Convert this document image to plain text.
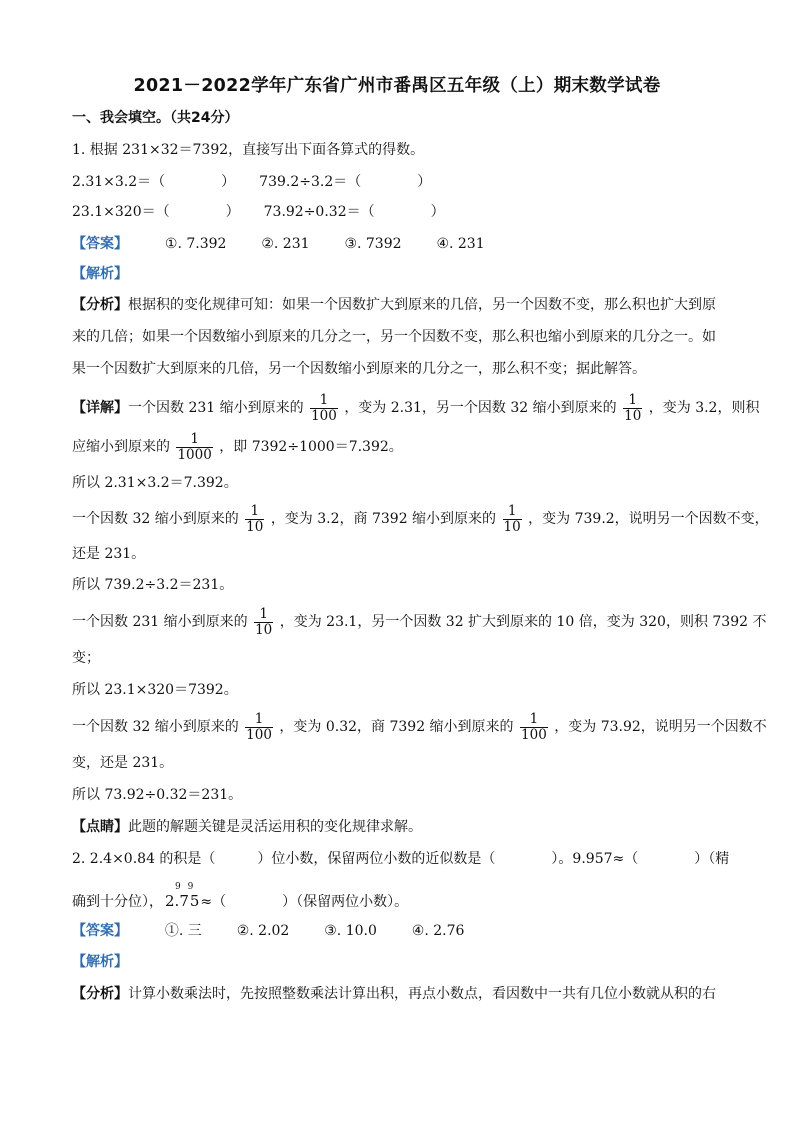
2021－2022学年广东省广州市番禺区五年级（上）期末数学试卷
一、我会填空。（共24分）
1. 根据 231×32＝7392，直接写出下面各算式的得数。
2.31×3.2＝（　　　　） 739.2÷3.2＝（　　　　）
23.1×320＝（　　　　） 73.92÷0.32＝（　　　　）
【答案】	①. 7.392 ②. 231 ③. 7392 ④. 231
【解析】
【分析】根据积的变化规律可知：如果一个因数扩大到原来的几倍，另一个因数不变，那么积也扩大到原
来的几倍；如果一个因数缩小到原来的几分之一，另一个因数不变，那么积也缩小到原来的几分之一。如
果一个因数扩大到原来的几倍，另一个因数缩小到原来的几分之一，那么积不变；据此解答。
【详解】一个因数 231 缩小到原来的 $\frac{1}{100}$ ，变为 2.31，另一个因数 32 缩小到原来的 $\frac{1}{10}$ ，变为 3.2，则积
应缩小到原来的 $\frac{1}{1000}$ ，即 7392÷1000＝7.392。
所以 2.31×3.2＝7.392。
一个因数 32 缩小到原来的 $\frac{1}{10}$ ，变为 3.2，商 7392 缩小到原来的 $\frac{1}{10}$ ，变为 739.2，说明另一个因数不变，
还是 231。
所以 739.2÷3.2＝231。
一个因数 231 缩小到原来的 $\frac{1}{10}$ ，变为 23.1，另一个因数 32 扩大到原来的 10 倍，变为 320，则积 7392 不
变；
所以 23.1×320＝7392。
一个因数 32 缩小到原来的 $\frac{1}{100}$ ，变为 0.32，商 7392 缩小到原来的 $\frac{1}{100}$ ，变为 73.92，说明另一个因数不
变，还是 231。
所以 73.92÷0.32＝231。
【点睛】此题的解题关键是灵活运用积的变化规律求解。
2. 2.4×0.84 的积是（　　　）位小数，保留两位小数的近似数是（　　　　）。9.957≈（　　　　）（精
确到十分位）， 2.
9 9
75≈（　　　　）（保留两位小数）。
【答案】	①. 三 ②. 2.02 ③. 10.0 ④. 2.76
【解析】
【分析】计算小数乘法时，先按照整数乘法计算出积，再点小数点，看因数中一共有几位小数就从积的右
